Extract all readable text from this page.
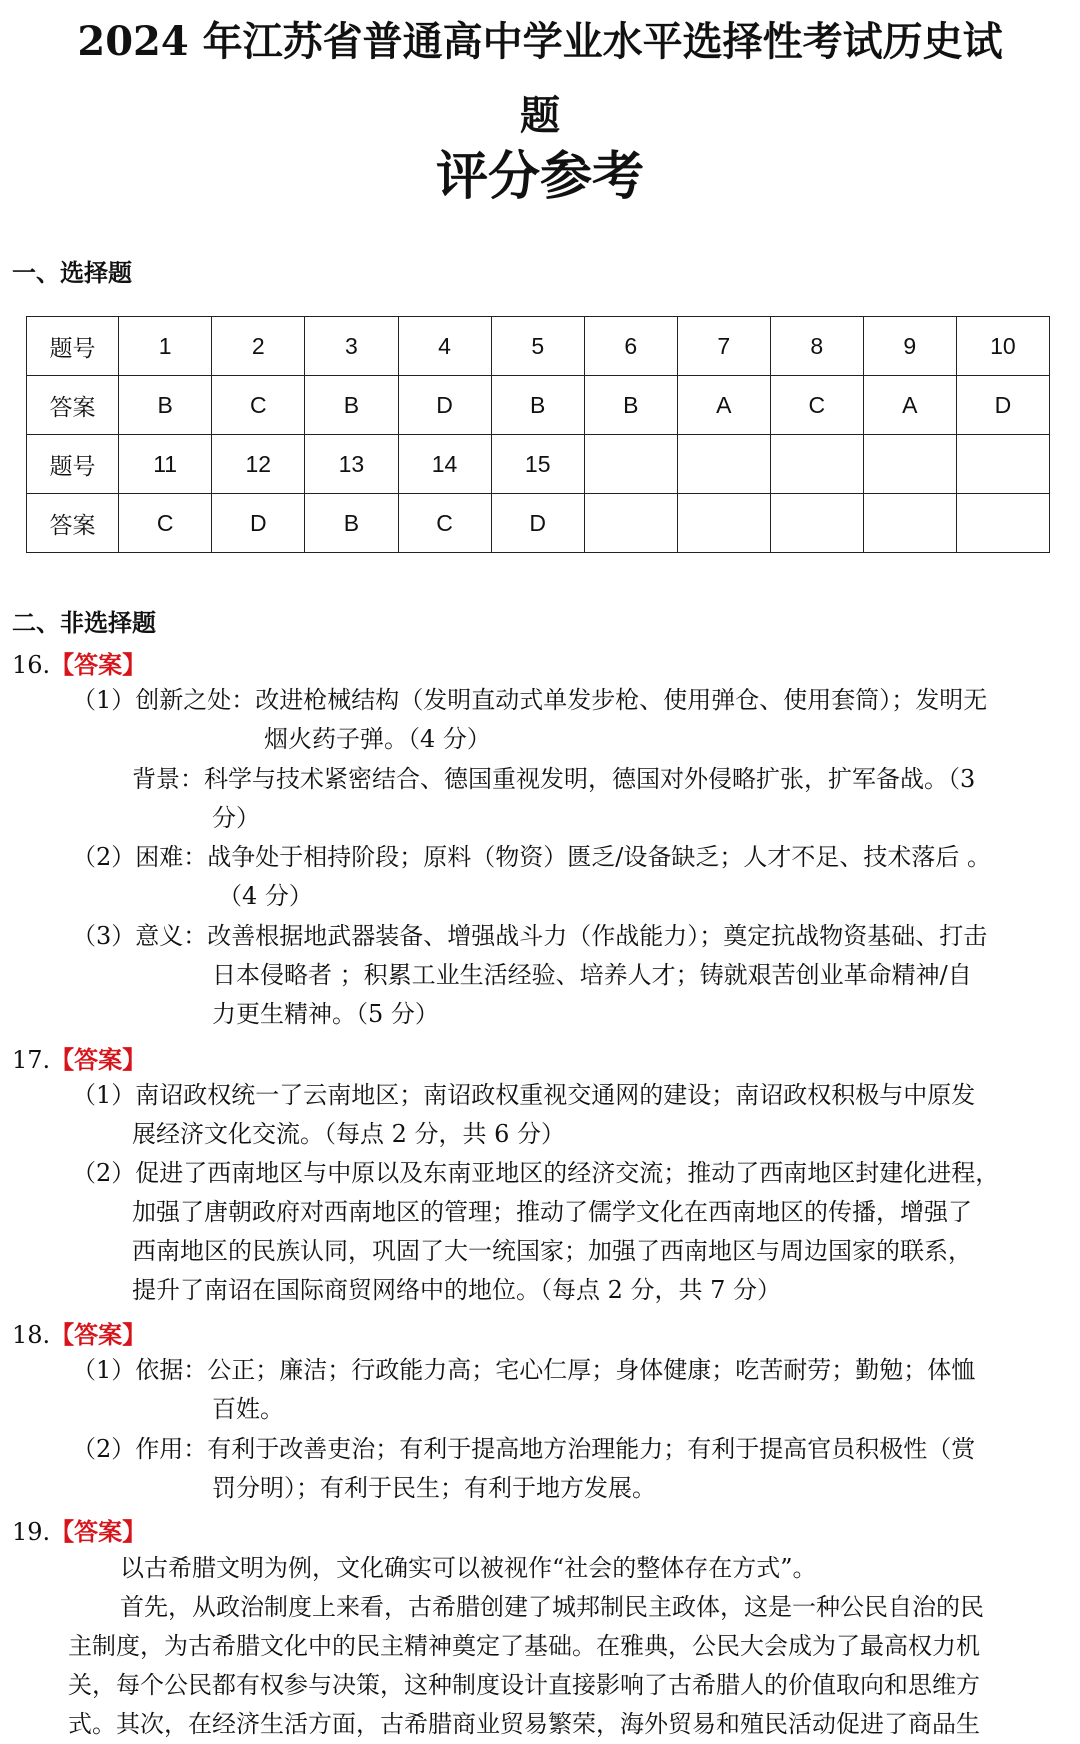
2024 年江苏省普通高中学业水平选择性考试历史试
题
评分参考
一、选择题
题号	1	2	3	4	5	6	7	8	9	10
答案	B	C	B	D	B	B	A	C	A	D
题号	11	12	13	14	15					
答案	C	D	B	C	D					
二、非选择题
16.【答案】
（1）创新之处：改进枪械结构（发明直动式单发步枪、使用弹仓、使用套筒）；发明无
烟火药子弹。（4 分）
背景：科学与技术紧密结合、德国重视发明，德国对外侵略扩张，扩军备战。（3
分）
（2）困难：战争处于相持阶段；原料（物资）匮乏/设备缺乏；人才不足、技术落后 。
（4 分）
（3）意义：改善根据地武器装备、增强战斗力（作战能力）；奠定抗战物资基础、打击
日本侵略者 ；积累工业生活经验、培养人才；铸就艰苦创业革命精神/自
力更生精神。（5 分）
17.【答案】
（1）南诏政权统一了云南地区；南诏政权重视交通网的建设；南诏政权积极与中原发
展经济文化交流。（每点 2 分，共 6 分）
（2）促进了西南地区与中原以及东南亚地区的经济交流；推动了西南地区封建化进程，
加强了唐朝政府对西南地区的管理；推动了儒学文化在西南地区的传播，增强了
西南地区的民族认同，巩固了大一统国家；加强了西南地区与周边国家的联系，
提升了南诏在国际商贸网络中的地位。（每点 2 分，共 7 分）
18.【答案】
（1）依据：公正；廉洁；行政能力高；宅心仁厚；身体健康；吃苦耐劳；勤勉；体恤
百姓。
（2）作用：有利于改善吏治；有利于提高地方治理能力；有利于提高官员积极性（赏
罚分明）；有利于民生；有利于地方发展。
19.【答案】
以古希腊文明为例，文化确实可以被视作“社会的整体存在方式”。
首先，从政治制度上来看，古希腊创建了城邦制民主政体，这是一种公民自治的民
主制度，为古希腊文化中的民主精神奠定了基础。在雅典，公民大会成为了最高权力机
关，每个公民都有权参与决策，这种制度设计直接影响了古希腊人的价值取向和思维方
式。其次，在经济生活方面，古希腊商业贸易繁荣，海外贸易和殖民活动促进了商品生
